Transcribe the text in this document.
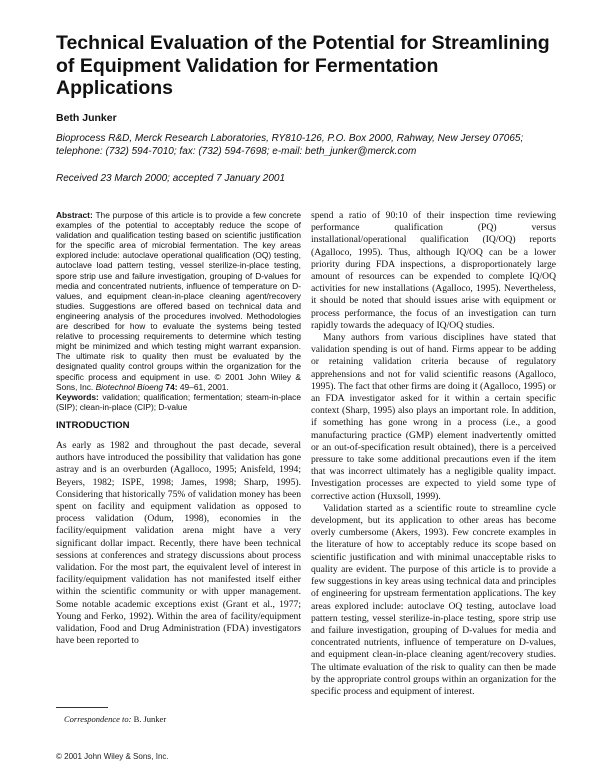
Technical Evaluation of the Potential for Streamlining of Equipment Validation for Fermentation Applications
Beth Junker
Bioprocess R&D, Merck Research Laboratories, RY810-126, P.O. Box 2000, Rahway, New Jersey 07065; telephone: (732) 594-7010; fax: (732) 594-7698; e-mail: beth_junker@merck.com
Received 23 March 2000; accepted 7 January 2001

Abstract: The purpose of this article is to provide a few concrete examples of the potential to acceptably reduce the scope of validation and qualification testing based on scientific justification for the specific area of microbial fermentation. The key areas explored include: autoclave operational qualification (OQ) testing, autoclave load pattern testing, vessel sterilize-in-place testing, spore strip use and failure investigation, grouping of D-values for media and concentrated nutrients, influence of temperature on D-values, and equipment clean-in-place cleaning agent/recovery studies. Suggestions are offered based on technical data and engineering analysis of the procedures involved. Methodologies are described for how to evaluate the systems being tested relative to processing requirements to determine which testing might be minimized and which testing might warrant expansion. The ultimate risk to quality then must be evaluated by the designated quality control groups within the organization for the specific process and equipment in use. © 2001 John Wiley & Sons, Inc. Biotechnol Bioeng 74: 49–61, 2001.

Keywords: validation; qualification; fermentation; steam-in-place (SIP); clean-in-place (CIP); D-value

INTRODUCTION

As early as 1982 and throughout the past decade, several authors have introduced the possibility that validation has gone astray and is an overburden (Agalloco, 1995; Anisfeld, 1994; Beyers, 1982; ISPE, 1998; James, 1998; Sharp, 1995). Considering that historically 75% of validation money has been spent on facility and equipment validation as opposed to process validation (Odum, 1998), economies in the facility/equipment validation arena might have a very significant dollar impact. Recently, there have been technical sessions at conferences and strategy discussions about process validation. For the most part, the equivalent level of interest in facility/equipment validation has not manifested itself either within the scientific community or with upper management. Some notable academic exceptions exist (Grant et al., 1977; Young and Ferko, 1992). Within the area of facility/equipment validation, Food and Drug Administration (FDA) investigators have been reported to

spend a ratio of 90:10 of their inspection time reviewing performance qualification (PQ) versus installational/operational qualification (IQ/OQ) reports (Agalloco, 1995). Thus, although IQ/OQ can be a lower priority during FDA inspections, a disproportionately large amount of resources can be expended to complete IQ/OQ activities for new installations (Agalloco, 1995). Nevertheless, it should be noted that should issues arise with equipment or process performance, the focus of an investigation can turn rapidly towards the adequacy of IQ/OQ studies.

Many authors from various disciplines have stated that validation spending is out of hand. Firms appear to be adding or retaining validation criteria because of regulatory apprehensions and not for valid scientific reasons (Agalloco, 1995). The fact that other firms are doing it (Agalloco, 1995) or an FDA investigator asked for it within a certain specific context (Sharp, 1995) also plays an important role. In addition, if something has gone wrong in a process (i.e., a good manufacturing practice (GMP) element inadvertently omitted or an out-of-specification result obtained), there is a perceived pressure to take some additional precautions even if the item that was incorrect ultimately has a negligible quality impact. Investigation processes are expected to yield some type of corrective action (Huxsoll, 1999).

Validation started as a scientific route to streamline cycle development, but its application to other areas has become overly cumbersome (Akers, 1993). Few concrete examples in the literature of how to acceptably reduce its scope based on scientific justification and with minimal unacceptable risks to quality are evident. The purpose of this article is to provide a few suggestions in key areas using technical data and principles of engineering for upstream fermentation applications. The key areas explored include: autoclave OQ testing, autoclave load pattern testing, vessel sterilize-in-place testing, spore strip use and failure investigation, grouping of D-values for media and concentrated nutrients, influence of temperature on D-values, and equipment clean-in-place cleaning agent/recovery studies. The ultimate evaluation of the risk to quality can then be made by the appropriate control groups within an organization for the specific process and equipment of interest.

Correspondence to: B. Junker
© 2001 John Wiley & Sons, Inc.
